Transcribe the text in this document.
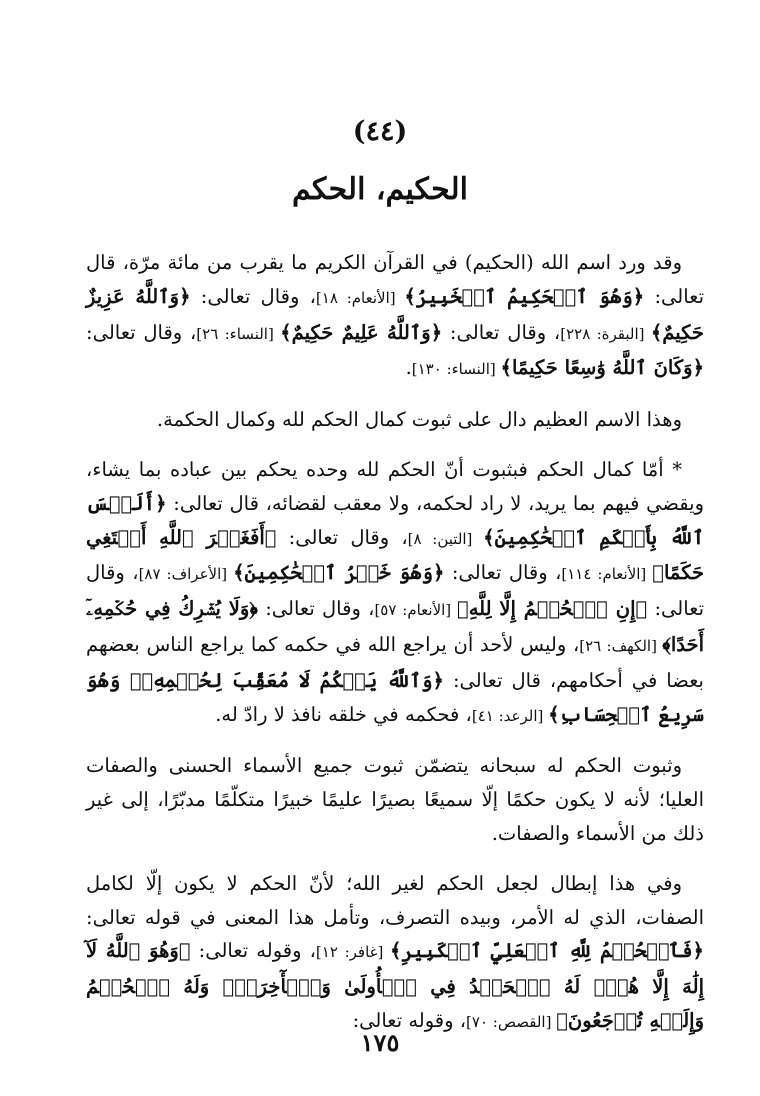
(٤٤)
الحكيم، الحكم

وقد ورد اسم الله (الحكيم) في القرآن الكريم ما يقرب من مائة مرّة، قال تعالى: ﴿وَهُوَ ٱلۡحَكِيمُ ٱلۡخَبِيرُ﴾ [الأنعام: ١٨]، وقال تعالى: ﴿وَٱللَّهُ عَزِيزٌ حَكِيمٌ﴾ [البقرة: ٢٢٨]، وقال تعالى: ﴿وَٱللَّهُ عَلِيمٌ حَكِيمٌ﴾ [النساء: ٢٦]، وقال تعالى: ﴿وَكَانَ ٱللَّهُ وَٰسِعًا حَكِيمًا﴾ [النساء: ١٣٠].

وهذا الاسم العظيم دال على ثبوت كمال الحكم لله وكمال الحكمة.

* أمّا كمال الحكم فبثبوت أنّ الحكم لله وحده يحكم بين عباده بما يشاء، ويقضي فيهم بما يريد، لا راد لحكمه، ولا معقب لقضائه، قال تعالى: ﴿أَلَيۡسَ ٱللَّهُ بِأَحۡكَمِ ٱلۡحَٰكِمِينَ﴾ [التين: ٨]، وقال تعالى: ﴿أَفَغَيۡرَ ٱللَّهِ أَبۡتَغِي حَكَمًا﴾ [الأنعام: ١١٤]، وقال تعالى: ﴿وَهُوَ خَيۡرُ ٱلۡحَٰكِمِينَ﴾ [الأعراف: ٨٧]، وقال تعالى: ﴿إِنِ ٱلۡحُكۡمُ إِلَّا لِلَّهِ﴾ [الأنعام: ٥٧]، وقال تعالى: ﴿وَلَا يُشۡرِكُ فِي حُكۡمِهِۦٓ أَحَدًا﴾ [الكهف: ٢٦]، وليس لأحد أن يراجع الله في حكمه كما يراجع الناس بعضهم بعضا في أحكامهم، قال تعالى: ﴿وَٱللَّهُ يَحۡكُمُ لَا مُعَقِّبَ لِحُكۡمِهِۦۚ وَهُوَ سَرِيعُ ٱلۡحِسَابِ﴾ [الرعد: ٤١]، فحكمه في خلقه نافذ لا رادّ له.

وثبوت الحكم له سبحانه يتضمّن ثبوت جميع الأسماء الحسنى والصفات العليا؛ لأنه لا يكون حكمًا إلّا سميعًا بصيرًا عليمًا خبيرًا متكلّمًا مدبّرًا، إلى غير ذلك من الأسماء والصفات.

وفي هذا إبطال لجعل الحكم لغير الله؛ لأنّ الحكم لا يكون إلّا لكامل الصفات، الذي له الأمر، وبيده التصرف، وتأمل هذا المعنى في قوله تعالى: ﴿فَٱلۡحُكۡمُ لِلَّهِ ٱلۡعَلِيِّ ٱلۡكَبِيرِ﴾ [غافر: ١٢]، وقوله تعالى: ﴿وَهُوَ ٱللَّهُ لَآ إِلَٰهَ إِلَّا هُوَۖ لَهُ ٱلۡحَمۡدُ فِي ٱلۡأُولَىٰ وَٱلۡأٓخِرَةِۖ وَلَهُ ٱلۡحُكۡمُ وَإِلَيۡهِ تُرۡجَعُونَ﴾ [القصص: ٧٠]، وقوله تعالى:

١٧٥
